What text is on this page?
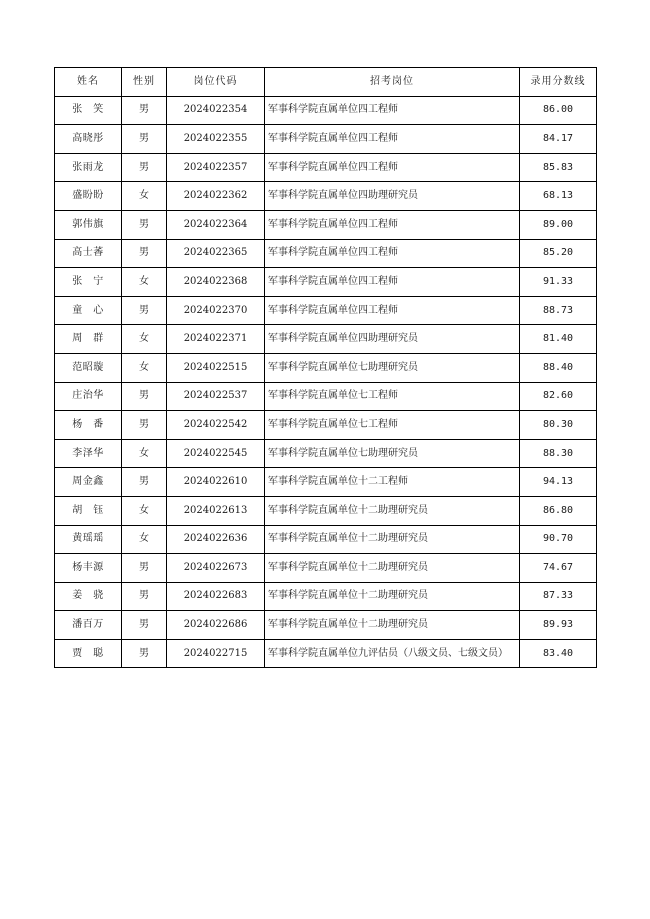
姓名	性别	岗位代码	招考岗位	录用分数线
张　笑	男	2024022354	军事科学院直属单位四工程师	86.00
高晓彤	男	2024022355	军事科学院直属单位四工程师	84.17
张雨龙	男	2024022357	军事科学院直属单位四工程师	85.83
盛盼盼	女	2024022362	军事科学院直属单位四助理研究员	68.13
郭伟旗	男	2024022364	军事科学院直属单位四工程师	89.00
高士萫	男	2024022365	军事科学院直属单位四工程师	85.20
张　宁	女	2024022368	军事科学院直属单位四工程师	91.33
童　心	男	2024022370	军事科学院直属单位四工程师	88.73
周　群	女	2024022371	军事科学院直属单位四助理研究员	81.40
范昭璇	女	2024022515	军事科学院直属单位七助理研究员	88.40
庄治华	男	2024022537	军事科学院直属单位七工程师	82.60
杨　番	男	2024022542	军事科学院直属单位七工程师	80.30
李泽华	女	2024022545	军事科学院直属单位七助理研究员	88.30
周金鑫	男	2024022610	军事科学院直属单位十二工程师	94.13
胡　钰	女	2024022613	军事科学院直属单位十二助理研究员	86.80
黄瑶瑶	女	2024022636	军事科学院直属单位十二助理研究员	90.70
杨丰源	男	2024022673	军事科学院直属单位十二助理研究员	74.67
姜　骁	男	2024022683	军事科学院直属单位十二助理研究员	87.33
潘百万	男	2024022686	军事科学院直属单位十二助理研究员	89.93
贾　聪	男	2024022715	军事科学院直属单位九评估员（八级文员、七级文员）	83.40
